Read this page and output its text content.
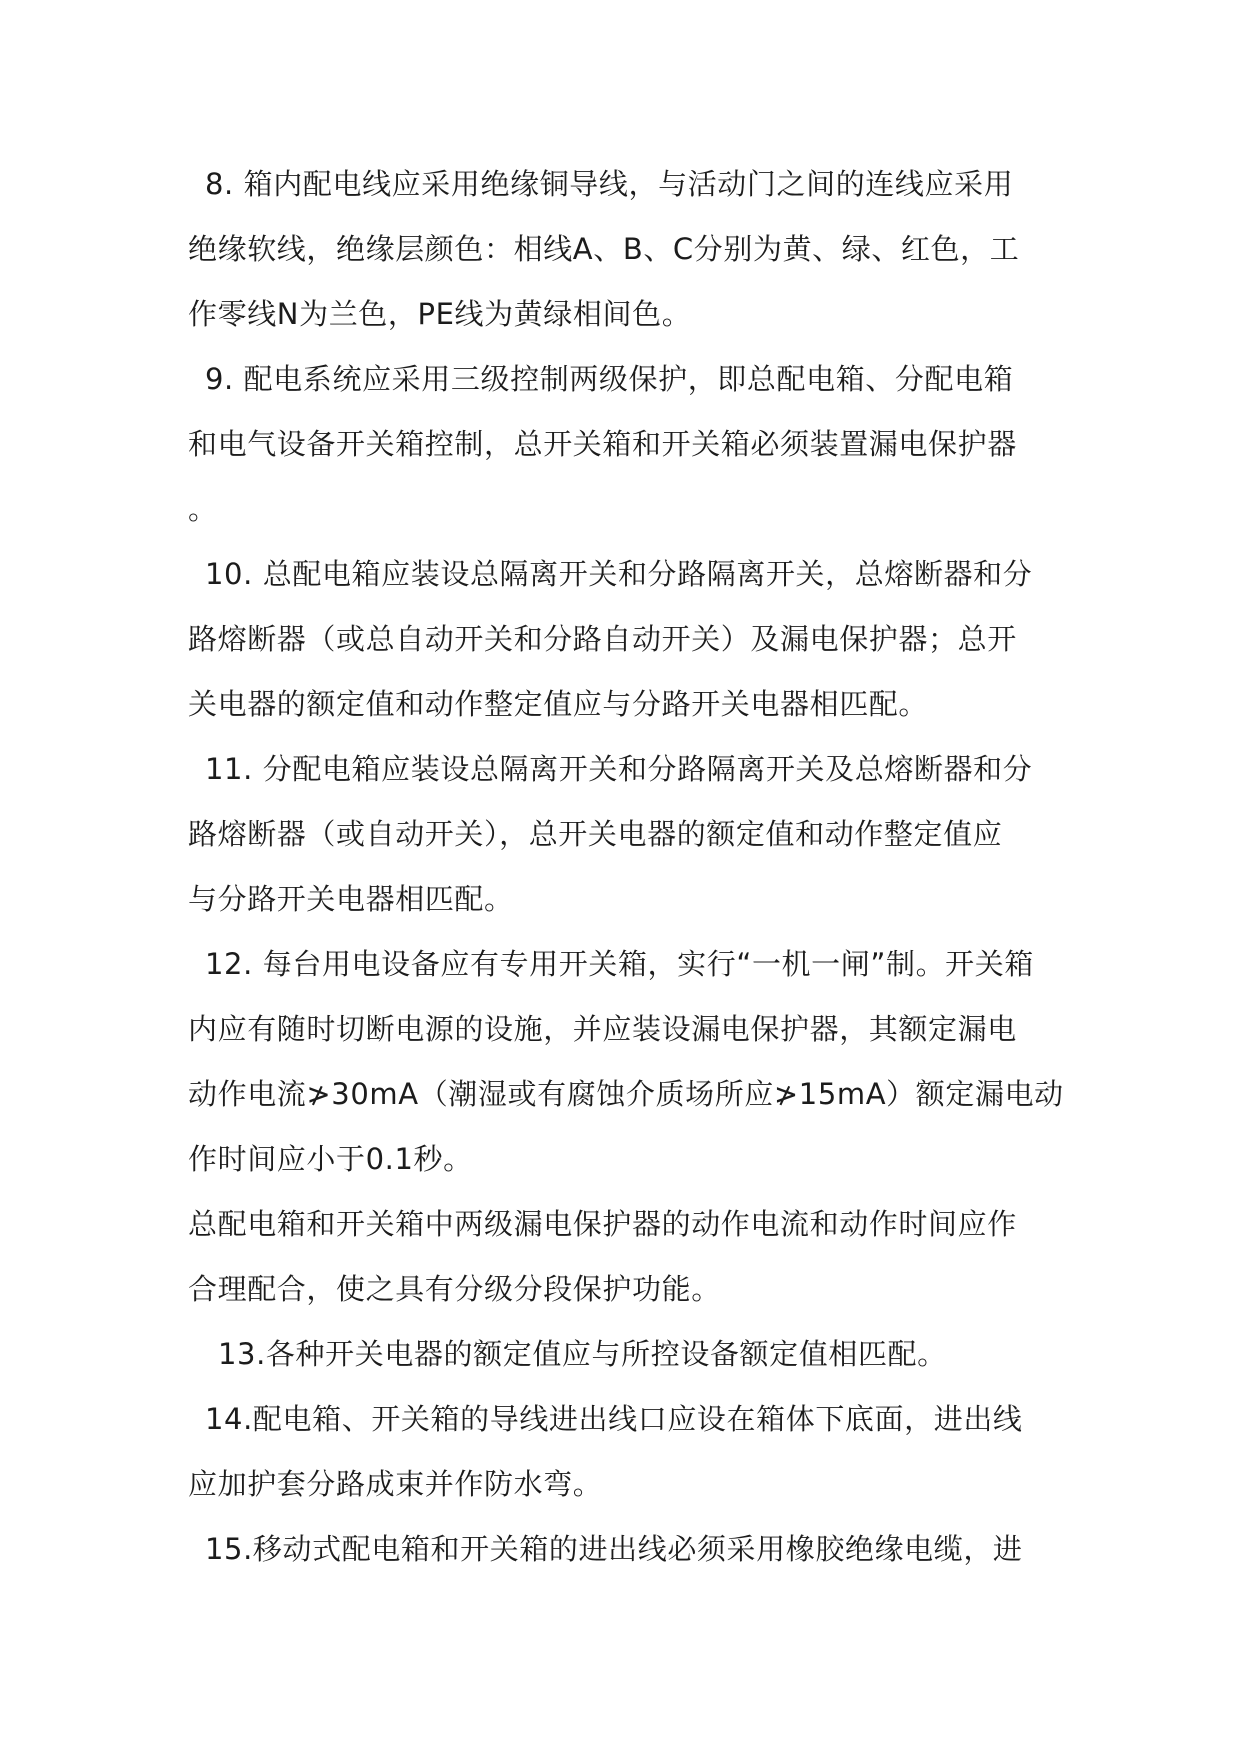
8. 箱内配电线应采用绝缘铜导线，与活动门之间的连线应采用
绝缘软线，绝缘层颜色：相线A、B、C分别为黄、绿、红色，工
作零线N为兰色，PE线为黄绿相间色。
9. 配电系统应采用三级控制两级保护，即总配电箱、分配电箱
和电气设备开关箱控制，总开关箱和开关箱必须装置漏电保护器
。
10. 总配电箱应装设总隔离开关和分路隔离开关，总熔断器和分
路熔断器（或总自动开关和分路自动开关）及漏电保护器；总开
关电器的额定值和动作整定值应与分路开关电器相匹配。
11. 分配电箱应装设总隔离开关和分路隔离开关及总熔断器和分
路熔断器（或自动开关），总开关电器的额定值和动作整定值应
与分路开关电器相匹配。
12. 每台用电设备应有专用开关箱，实行“一机一闸”制。开关箱
内应有随时切断电源的设施，并应装设漏电保护器，其额定漏电
动作电流≯30mA（潮湿或有腐蚀介质场所应≯15mA）额定漏电动
作时间应小于0.1秒。
总配电箱和开关箱中两级漏电保护器的动作电流和动作时间应作
合理配合，使之具有分级分段保护功能。
13.各种开关电器的额定值应与所控设备额定值相匹配。
14.配电箱、开关箱的导线进出线口应设在箱体下底面，进出线
应加护套分路成束并作防水弯。
15.移动式配电箱和开关箱的进出线必须采用橡胶绝缘电缆，进
